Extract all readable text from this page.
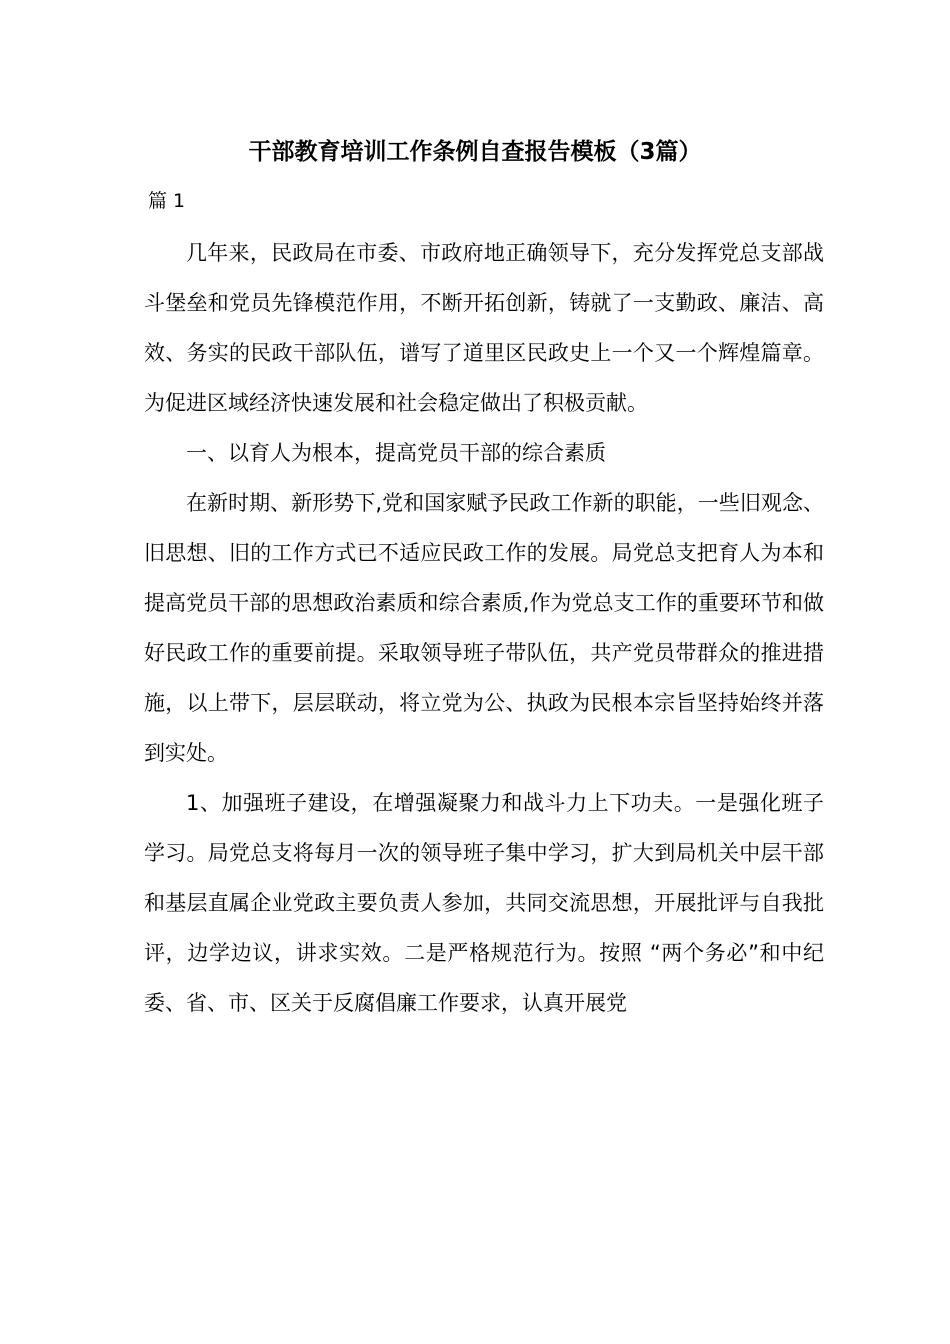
干部教育培训工作条例自查报告模板（3篇）
篇 1

几年来，民政局在市委、市政府地正确领导下，充分发挥党总支部战斗堡垒和党员先锋模范作用，不断开拓创新，铸就了一支勤政、廉洁、高效、务实的民政干部队伍，谱写了道里区民政史上一个又一个辉煌篇章。为促进区域经济快速发展和社会稳定做出了积极贡献。

一、以育人为根本，提高党员干部的综合素质

在新时期、新形势下,党和国家赋予民政工作新的职能，一些旧观念、旧思想、旧的工作方式已不适应民政工作的发展。局党总支把育人为本和提高党员干部的思想政治素质和综合素质,作为党总支工作的重要环节和做好民政工作的重要前提。采取领导班子带队伍，共产党员带群众的推进措施，以上带下，层层联动，将立党为公、执政为民根本宗旨坚持始终并落到实处。

1、加强班子建设，在增强凝聚力和战斗力上下功夫。一是强化班子学习。局党总支将每月一次的领导班子集中学习，扩大到局机关中层干部和基层直属企业党政主要负责人参加，共同交流思想，开展批评与自我批评，边学边议，讲求实效。二是严格规范行为。按照 “两个务必”和中纪委、省、市、区关于反腐倡廉工作要求，认真开展党
